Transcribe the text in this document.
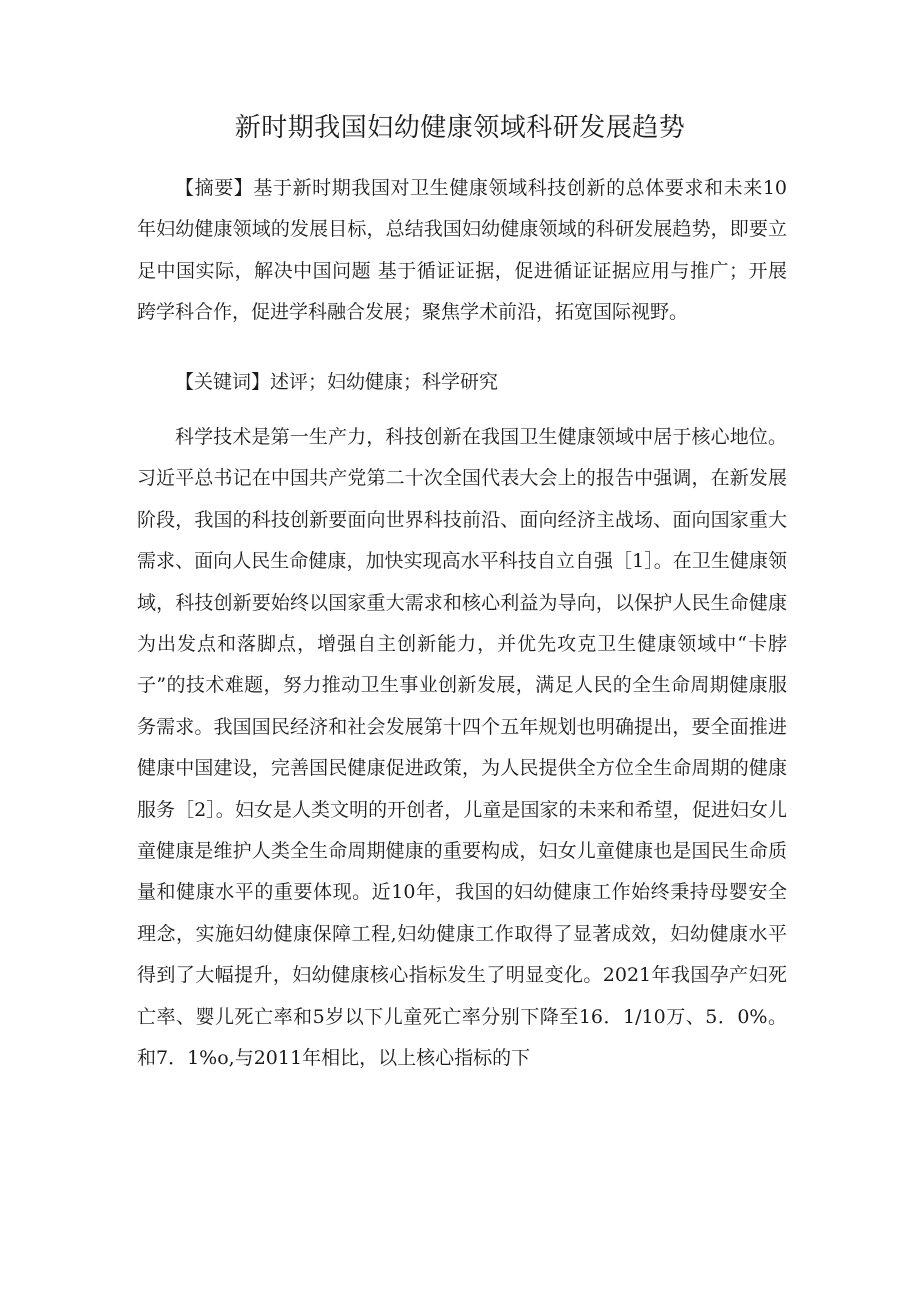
新时期我国妇幼健康领域科研发展趋势

【摘要】基于新时期我国对卫生健康领域科技创新的总体要求和未来10年妇幼健康领域的发展目标，总结我国妇幼健康领域的科研发展趋势，即要立足中国实际，解决中国问题 基于循证证据，促进循证证据应用与推广；开展跨学科合作，促进学科融合发展；聚焦学术前沿，拓宽国际视野。

【关键词】述评；妇幼健康；科学研究

科学技术是第一生产力，科技创新在我国卫生健康领域中居于核心地位。习近平总书记在中国共产党第二十次全国代表大会上的报告中强调，在新发展阶段，我国的科技创新要面向世界科技前沿、面向经济主战场、面向国家重大需求、面向人民生命健康，加快实现高水平科技自立自强［1］。在卫生健康领域，科技创新要始终以国家重大需求和核心利益为导向，以保护人民生命健康为出发点和落脚点，增强自主创新能力，并优先攻克卫生健康领域中“卡脖子”的技术难题，努力推动卫生事业创新发展，满足人民的全生命周期健康服务需求。我国国民经济和社会发展第十四个五年规划也明确提出，要全面推进健康中国建设，完善国民健康促进政策，为人民提供全方位全生命周期的健康服务［2］。妇女是人类文明的开创者，儿童是国家的未来和希望，促进妇女儿童健康是维护人类全生命周期健康的重要构成，妇女儿童健康也是国民生命质量和健康水平的重要体现。近10年，我国的妇幼健康工作始终秉持母婴安全理念，实施妇幼健康保障工程,妇幼健康工作取得了显著成效，妇幼健康水平得到了大幅提升，妇幼健康核心指标发生了明显变化。2021年我国孕产妇死亡率、婴儿死亡率和5岁以下儿童死亡率分别下降至16．1/10万、5．0%。和7．1%o,与2011年相比，以上核心指标的下
